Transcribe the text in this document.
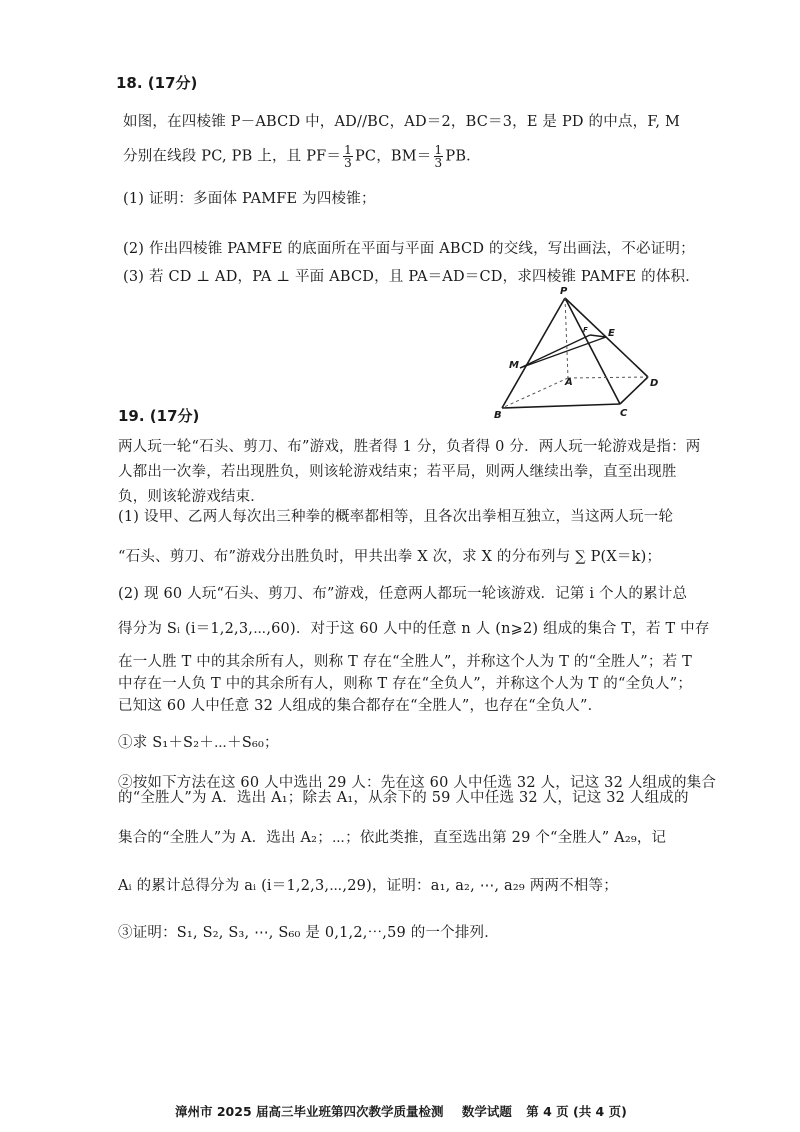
18. (17分)
如图，在四棱锥 P－ABCD 中，AD//BC，AD＝2，BC＝3，E 是 PD 的中点，F, M
分别在线段 PC, PB 上，且 $PF= \frac{1}{3}$ PC，$BM= \frac{1}{3}$ PB．
(1) 证明：多面体 PAMFE 为四棱锥；
(2) 作出四棱锥 PAMFE 的底面所在平面与平面 ABCD 的交线，写出画法，不必证明；
(3) 若 CD ⊥ AD，PA ⊥ 平面 ABCD，且 PA＝AD＝CD，求四棱锥 PAMFE 的体积．
P
E
F
M
A	D
B	C
19. (17分)
两人玩一轮“石头、剪刀、布”游戏，胜者得 1 分，负者得 0 分．两人玩一轮游戏是指：两
人都出一次拳，若出现胜负，则该轮游戏结束；若平局，则两人继续出拳，直至出现胜
负，则该轮游戏结束．
(1) 设甲、乙两人每次出三种拳的概率都相等，且各次出拳相互独立，当这两人玩一轮
“石头、剪刀、布”游戏分出胜负时，甲共出拳 X 次，求 X 的分布列与 ∑ P(X＝k)；
(2) 现 60 人玩“石头、剪刀、布”游戏，任意两人都玩一轮该游戏．记第 i 个人的累计总
得分为 Sᵢ (i＝1,2,3,⋯,60)．对于这 60 人中的任意 n 人 (n⩾2) 组成的集合 T，若 T 中存
在一人胜 T 中的其余所有人，则称 T 存在“全胜人”，并称这个人为 T 的“全胜人”；若 T
中存在一人负 T 中的其余所有人，则称 T 存在“全负人”，并称这个人为 T 的“全负人”；
已知这 60 人中任意 32 人组成的集合都存在“全胜人”，也存在“全负人”．
①求 S₁＋S₂＋⋯＋S₆₀；
②按如下方法在这 60 人中选出 29 人：先在这 60 人中任选 32 人，记这 32 人组成的集合
的“全胜人”为 A．选出 A₁；除去 A₁，从余下的 59 人中任选 32 人，记这 32 人组成的
集合的“全胜人”为 A．选出 A₂；⋯；依此类推，直至选出第 29 个“全胜人” A₂₉，记
Aᵢ 的累计总得分为 aᵢ (i＝1,2,3,⋯,29)，证明：a₁, a₂, ⋯, a₂₉ 两两不相等；
③证明：S₁, S₂, S₃, ⋯, S₆₀ 是 0,1,2,⋯,59 的一个排列．
漳州市 2025 届高三毕业班第四次教学质量检测 数学试题 第 4 页 (共 4 页)
